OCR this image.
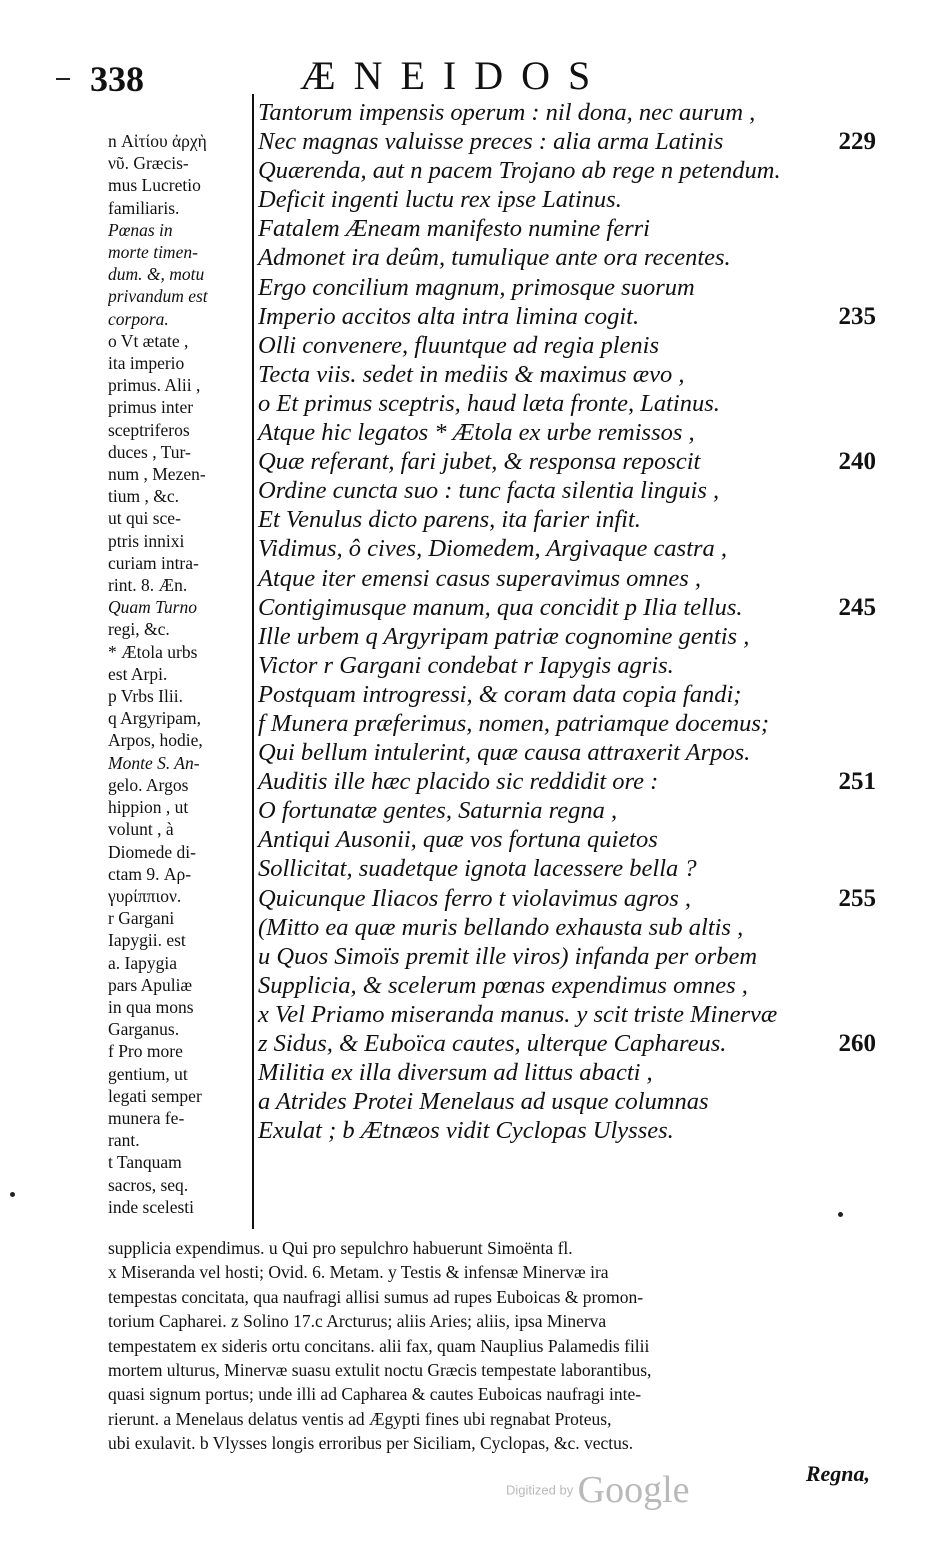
338	ÆNEIDOS
n Αἰτίου ἀρχὴ
νῦ. Græcis-
mus Lucretio
familiaris.
Pœnas in
morte timen-
dum. &, motu
privandum est
corpora.
o Vt ætate ,
ita imperio
primus. Alii ,
primus inter
sceptriferos
duces , Tur-
num , Mezen-
tium , &c.
ut qui sce-
ptris innixi
curiam intra-
rint. 8. Æn.
Quam Turno
regi, &c.
* Ætola urbs
est Arpi.
p Vrbs Ilii.
q Argyripam,
Arpos, hodie,
Monte S. An-
gelo. Argos
hippion , ut
volunt , à
Diomede di-
ctam 9. Αρ-
γυρίππιον.
r Gargani
Iapygii. est
a. Iapygia
pars Apuliæ
in qua mons
Garganus.
f Pro more
gentium, ut
legati semper
munera fe-
rant.
t Tanquam
sacros, seq.
inde scelesti
Tantorum impensis operum : nil dona, nec aurum ,
Nec magnas valuisse preces : alia arma Latinis	229
Quærenda, aut n pacem Trojano ab rege n petendum.
Deficit ingenti luctu rex ipse Latinus.
Fatalem Æneam manifesto numine ferri
Admonet ira deûm, tumulique ante ora recentes.
Ergo concilium magnum, primosque suorum
Imperio accitos alta intra limina cogit.	235
Olli convenere, fluuntque ad regia plenis
Tecta viis. sedet in mediis & maximus ævo ,
o Et primus sceptris, haud læta fronte, Latinus.
Atque hic legatos * Ætola ex urbe remissos ,
Quæ referant, fari jubet, & responsa reposcit	240
Ordine cuncta suo : tunc facta silentia linguis ,
Et Venulus dicto parens, ita farier infit.
Vidimus, ô cives, Diomedem, Argivaque castra ,
Atque iter emensi casus superavimus omnes ,
Contigimusque manum, qua concidit p Ilia tellus.	245
Ille urbem q Argyripam patriæ cognomine gentis ,
Victor r Gargani condebat r Iapygis agris.
Postquam introgressi, & coram data copia fandi;
f Munera præferimus, nomen, patriamque docemus;
Qui bellum intulerint, quæ causa attraxerit Arpos.
Auditis ille hæc placido sic reddidit ore :	251
O fortunatæ gentes, Saturnia regna ,
Antiqui Ausonii, quæ vos fortuna quietos
Sollicitat, suadetque ignota lacessere bella ?
Quicunque Iliacos ferro t violavimus agros ,	255
(Mitto ea quæ muris bellando exhausta sub altis ,
u Quos Simoïs premit ille viros) infanda per orbem
Supplicia, & scelerum pœnas expendimus omnes ,
x Vel Priamo miseranda manus. y scit triste Minervæ
z Sidus, & Euboïca cautes, ulterque Caphareus.	260
Militia ex illa diversum ad littus abacti ,
a Atrides Protei Menelaus ad usque columnas
Exulat ; b Ætnæos vidit Cyclopas Ulysses.
supplicia expendimus. u Qui pro sepulchro habuerunt Simoënta fl.
x Miseranda vel hosti; Ovid. 6. Metam. y Testis & infensæ Minervæ ira
tempestas concitata, qua naufragi allisi sumus ad rupes Euboicas & promon-
torium Capharei. z Solino 17.c Arcturus; aliis Aries; aliis, ipsa Minerva
tempestatem ex sideris ortu concitans. alii fax, quam Nauplius Palamedis filii
mortem ulturus, Minervæ suasu extulit noctu Græcis tempestate laborantibus,
quasi signum portus; unde illi ad Capharea & cautes Euboicas naufragi inte-
rierunt. a Menelaus delatus ventis ad Ægypti fines ubi regnabat Proteus,
ubi exulavit. b Vlysses longis erroribus per Siciliam, Cyclopas, &c. vectus.
Regna,
Digitized by Google
